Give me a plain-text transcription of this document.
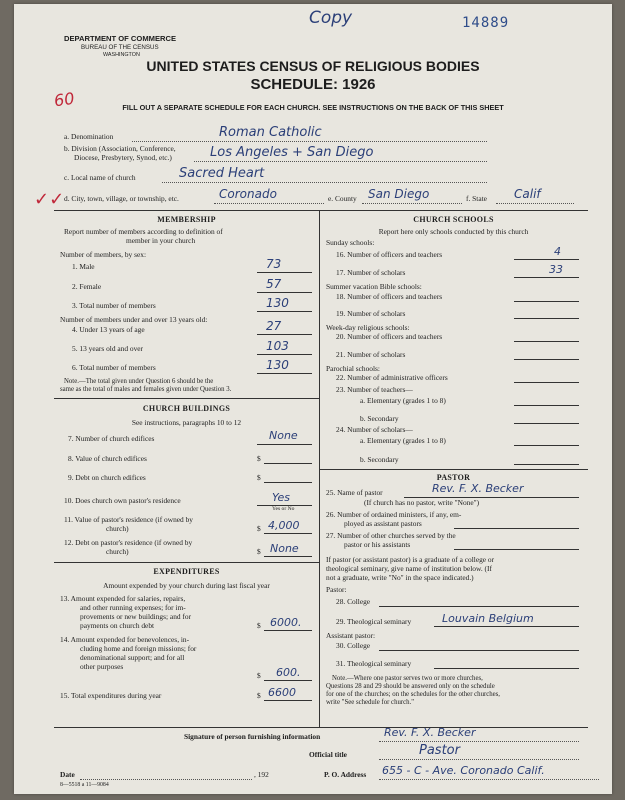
Copy	14889
DEPARTMENT OF COMMERCE
BUREAU OF THE CENSUS
WASHINGTON
UNITED STATES CENSUS OF RELIGIOUS BODIES
SCHEDULE: 1926
60	FILL OUT A SEPARATE SCHEDULE FOR EACH CHURCH. SEE INSTRUCTIONS ON THE BACK OF THIS SHEET
a. Denomination	Roman Catholic
b. Division (Association, Conference,
Diocese, Presbytery, Synod, etc.)	Los Angeles + San Diego
c. Local name of church	Sacred Heart
✓✓ d. City, town, village, or township, etc.	Coronado	e. County San Diego	f. State Calif
MEMBERSHIP
Report number of members according to definition of
member in your church
Number of members, by sex:
1. Male	73
2. Female	57
3. Total number of members	130
Number of members under and over 13 years old:
4. Under 13 years of age	27
5. 13 years old and over	103
6. Total number of members	130
Note.—The total given under Question 6 should be the
same as the total of males and females given under Question 3.
CHURCH BUILDINGS
See instructions, paragraphs 10 to 12
7. Number of church edifices	None
8. Value of church edifices	$
9. Debt on church edifices	$
10. Does church own pastor's residence	Yes
Yes or No
11. Value of pastor's residence (if owned by
church)	$ 4,000
12. Debt on pastor's residence (if owned by
church)	$ None
EXPENDITURES
Amount expended by your church during last fiscal year
13. Amount expended for salaries, repairs,
and other running expenses; for im-
provements or new buildings; and for
payments on church debt	$ 6000.
14. Amount expended for benevolences, in-
cluding home and foreign missions; for
denominational support; and for all
other purposes
$ 600.
15. Total expenditures during year	$ 6600
CHURCH SCHOOLS
Report here only schools conducted by this church
Sunday schools:
16. Number of officers and teachers	4
17. Number of scholars	33
Summer vacation Bible schools:
18. Number of officers and teachers
19. Number of scholars
Week-day religious schools:
20. Number of officers and teachers
21. Number of scholars
Parochial schools:
22. Number of administrative officers
23. Number of teachers—
a. Elementary (grades 1 to 8)
b. Secondary
24. Number of scholars—
a. Elementary (grades 1 to 8)
b. Secondary
PASTOR
25. Name of pastor	Rev. F. X. Becker
(If church has no pastor, write "None")
26. Number of ordained ministers, if any, em-
ployed as assistant pastors
27. Number of other churches served by the
pastor or his assistants
If pastor (or assistant pastor) is a graduate of a college or
theological seminary, give name of institution below. (If
not a graduate, write "No" in the space indicated.)
Pastor:
28. College
29. Theological seminary	Louvain Belgium
Assistant pastor:
30. College
31. Theological seminary
Note.—Where one pastor serves two or more churches,
Questions 28 and 29 should be answered only on the schedule
for one of the churches; on the schedules for the other churches,
write "See schedule for church."
Signature of person furnishing information	Rev. F. X. Becker
Official title	Pastor
Date	, 192	P. O. Address 655 - C - Ave. Coronado Calif.
8—5518 a 11—9084
